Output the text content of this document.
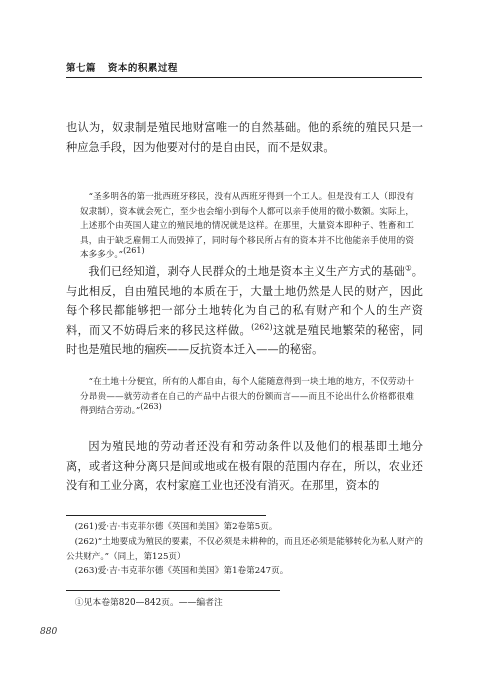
第七篇 资本的积累过程

也认为，奴隶制是殖民地财富唯一的自然基础。他的系统的殖民只是一种应急手段，因为他要对付的是自由民，而不是奴隶。

“圣多明各的第一批西班牙移民，没有从西班牙得到一个工人。但是没有工人（即没有奴隶制），资本就会死亡，至少也会缩小到每个人都可以亲手使用的微小数额。实际上，上述那个由英国人建立的殖民地的情况就是这样。在那里，大量资本即种子、牲畜和工具，由于缺乏雇佣工人而毁掉了，同时每个移民所占有的资本并不比他能亲手使用的资本多多少。”$^{(261)}$

我们已经知道，剥夺人民群众的土地是资本主义生产方式的基础①。与此相反，自由殖民地的本质在于，大量土地仍然是人民的财产，因此每个移民都能够把一部分土地转化为自己的私有财产和个人的生产资料，而又不妨碍后来的移民这样做。$^{(262)}$这就是殖民地繁荣的秘密，同时也是殖民地的痼疾——反抗资本迁入——的秘密。

“在土地十分便宜，所有的人都自由，每个人能随意得到一块土地的地方，不仅劳动十分昂贵——就劳动者在自己的产品中占很大的份额而言——而且不论出什么价格都很难得到结合劳动。”$^{(263)}$

因为殖民地的劳动者还没有和劳动条件以及他们的根基即土地分离，或者这种分离只是间或地或在极有限的范围内存在，所以，农业还没有和工业分离，农村家庭工业也还没有消灭。在那里，资本的

(261)爱·吉·韦克菲尔德《英国和美国》第2卷第5页。

(262)“土地要成为殖民的要素，不仅必须是未耕种的，而且还必须是能够转化为私人财产的公共财产。”（同上，第125页）

(263)爱·吉·韦克菲尔德《英国和美国》第1卷第247页。

①见本卷第820—842页。——编者注

880
